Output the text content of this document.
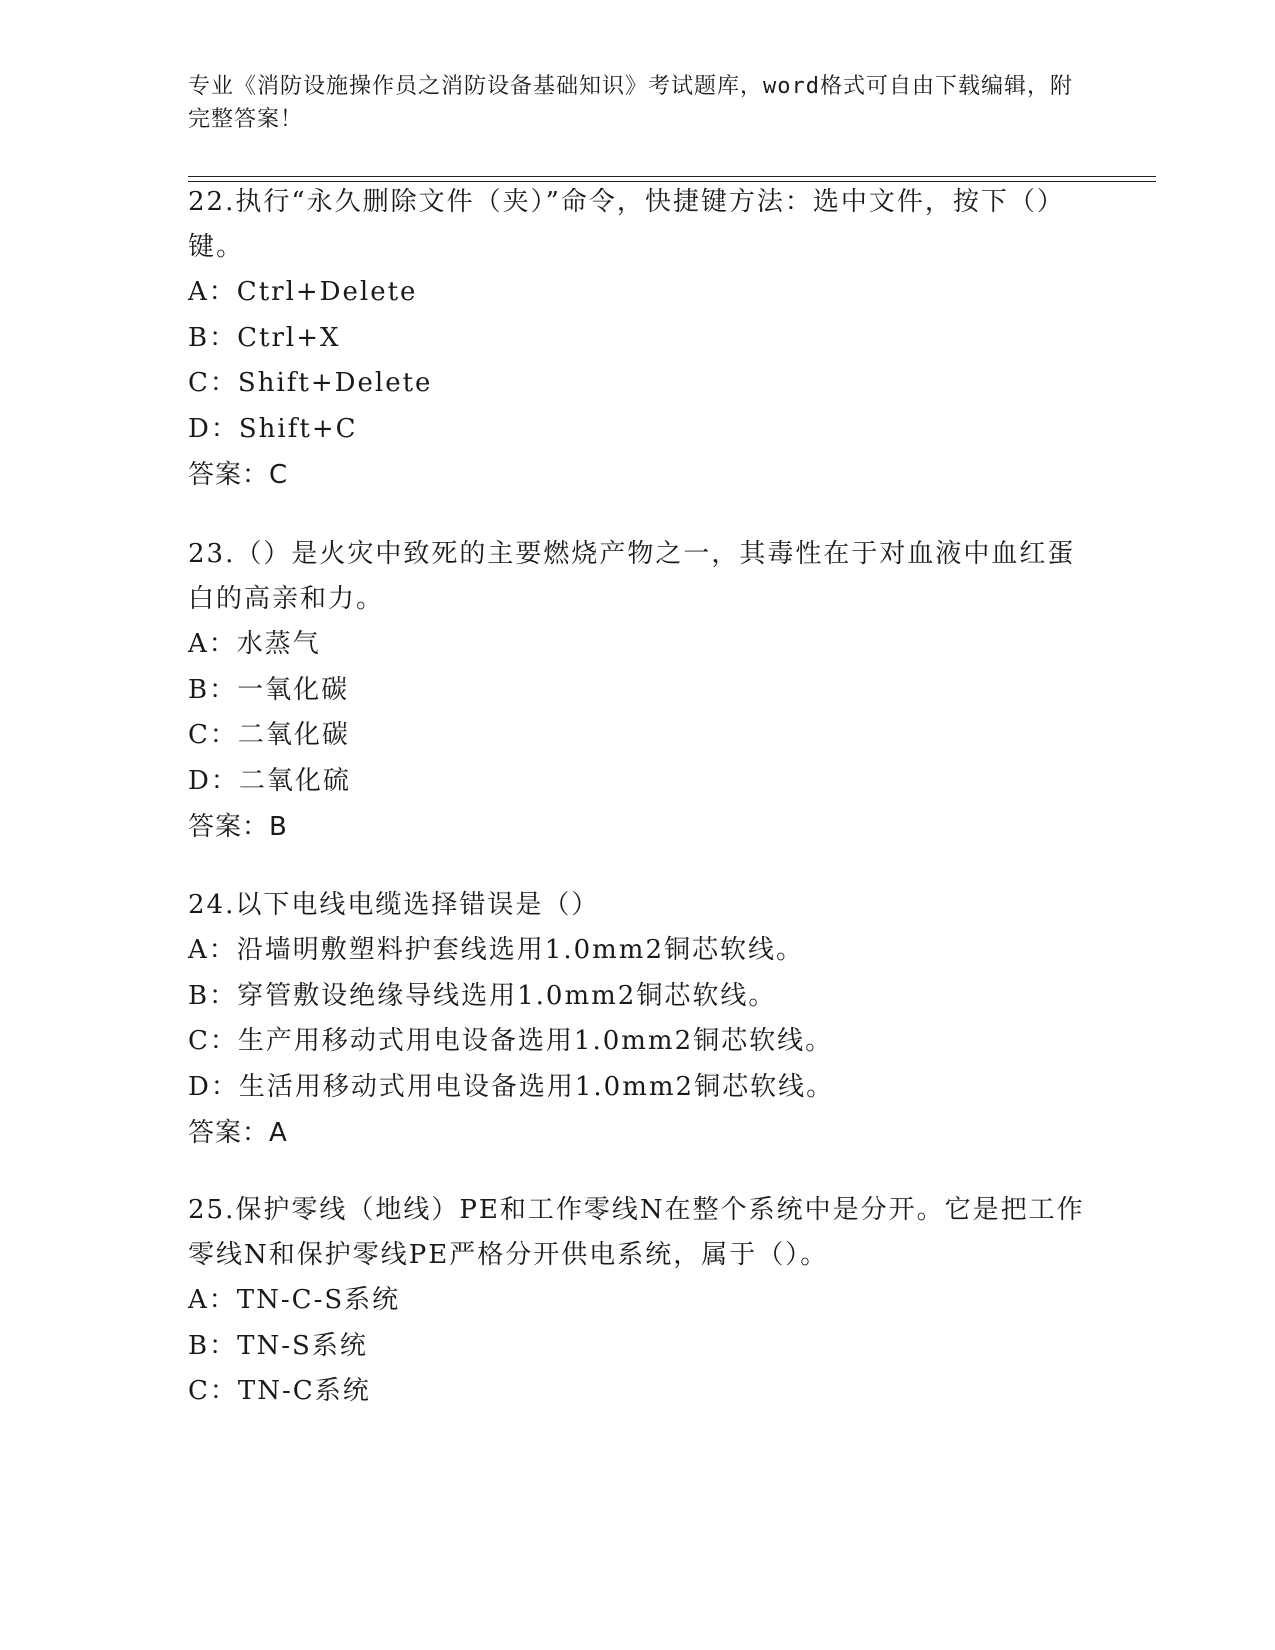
专业《消防设施操作员之消防设备基础知识》考试题库，word格式可自由下载编辑，附完整答案！
22.执行“永久删除文件（夹）”命令，快捷键方法：选中文件，按下（）键。
A：Ctrl+Delete
B：Ctrl+X
C：Shift+Delete
D：Shift+C
答案：C
23.（）是火灾中致死的主要燃烧产物之一，其毒性在于对血液中血红蛋白的高亲和力。
A：水蒸气
B：一氧化碳
C：二氧化碳
D：二氧化硫
答案：B
24.以下电线电缆选择错误是（）
A：沿墙明敷塑料护套线选用1.0mm2铜芯软线。
B：穿管敷设绝缘导线选用1.0mm2铜芯软线。
C：生产用移动式用电设备选用1.0mm2铜芯软线。
D：生活用移动式用电设备选用1.0mm2铜芯软线。
答案：A
25.保护零线（地线）PE和工作零线N在整个系统中是分开。它是把工作零线N和保护零线PE严格分开供电系统，属于（）。
A：TN-C-S系统
B：TN-S系统
C：TN-C系统
